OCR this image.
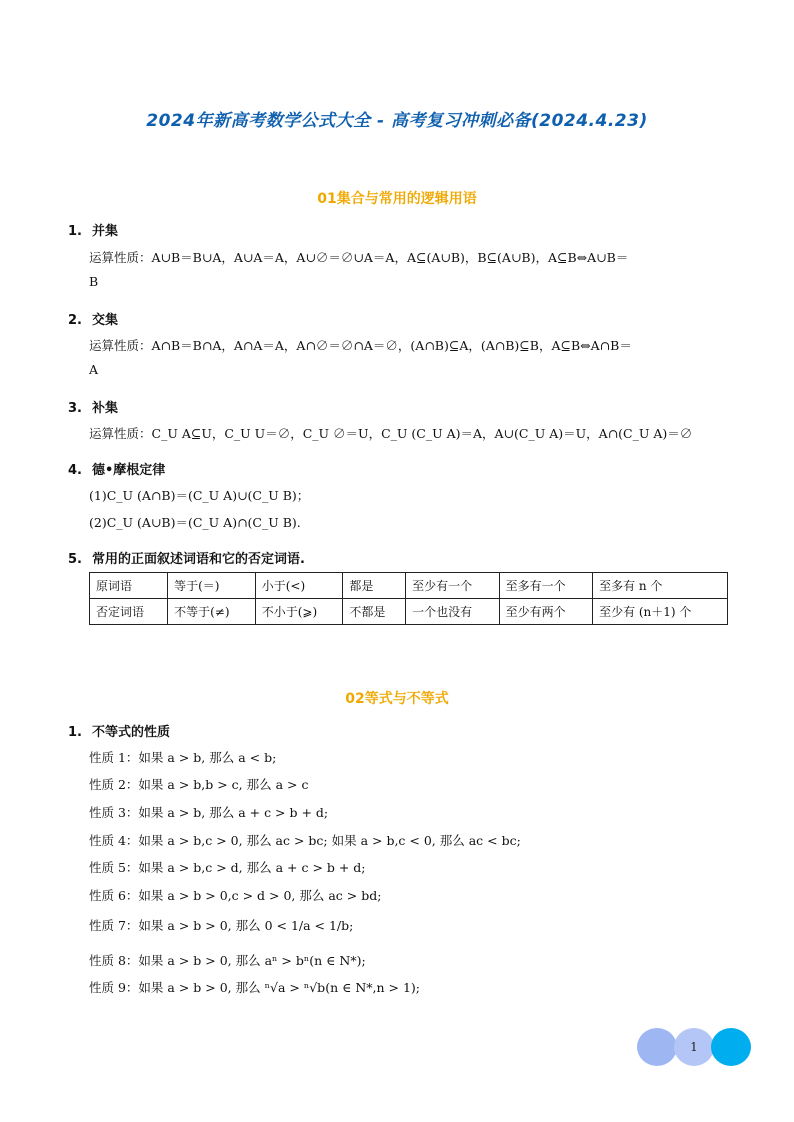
2024年新高考数学公式大全 - 高考复习冲刺必备(2024.4.23)
01集合与常用的逻辑用语
1. 并集
运算性质：A∪B＝B∪A，A∪A＝A，A∪∅＝∅∪A＝A，A⊆(A∪B)，B⊆(A∪B)，A⊆B⇔A∪B＝
B
2. 交集
运算性质：A∩B＝B∩A，A∩A＝A，A∩∅＝∅∩A＝∅，(A∩B)⊆A，(A∩B)⊆B，A⊆B⇔A∩B＝
A
3. 补集
运算性质：C_U A⊆U，C_U U＝∅，C_U ∅＝U，C_U (C_U A)＝A，A∪(C_U A)＝U，A∩(C_U A)＝∅
4. 德•摩根定律
(1)C_U (A∩B)＝(C_U A)∪(C_U B)；
(2)C_U (A∪B)＝(C_U A)∩(C_U B).
5. 常用的正面叙述词语和它的否定词语.
原词语	等于(＝)	小于(<)	都是	至少有一个	至多有一个	至多有 n 个
否定词语	不等于(≠)	不小于(⩾)	不都是	一个也没有	至少有两个	至少有 (n＋1) 个
02等式与不等式
1. 不等式的性质
性质 1：如果 a > b, 那么 a < b;
性质 2：如果 a > b,b > c, 那么 a > c
性质 3：如果 a > b, 那么 a + c > b + d;
性质 4：如果 a > b,c > 0, 那么 ac > bc; 如果 a > b,c < 0, 那么 ac < bc;
性质 5：如果 a > b,c > d, 那么 a + c > b + d;
性质 6：如果 a > b > 0,c > d > 0, 那么 ac > bd;
性质 7：如果 a > b > 0, 那么 0 < 1/a < 1/b;
性质 8：如果 a > b > 0, 那么 aⁿ > bⁿ(n ∈ N*);
性质 9：如果 a > b > 0, 那么 ⁿ√a > ⁿ√b(n ∈ N*,n > 1);
1
